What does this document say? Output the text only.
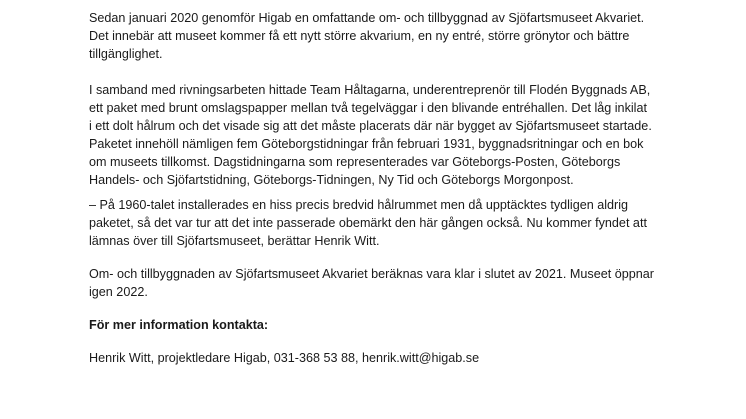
Sedan januari 2020 genomför Higab en omfattande om- och tillbyggnad av Sjöfartsmuseet Akvariet.
Det innebär att museet kommer få ett nytt större akvarium, en ny entré, större grönytor och bättre
tillgänglighet.
I samband med rivningsarbeten hittade Team Håltagarna, underentreprenör till Flodén Byggnads AB,
ett paket med brunt omslagspapper mellan två tegelväggar i den blivande entréhallen. Det låg inkilat
i ett dolt hålrum och det visade sig att det måste placerats där när bygget av Sjöfartsmuseet startade.
Paketet innehöll nämligen fem Göteborgstidningar från februari 1931, byggnadsritningar och en bok
om museets tillkomst. Dagstidningarna som representerades var Göteborgs-Posten, Göteborgs
Handels- och Sjöfartstidning, Göteborgs-Tidningen, Ny Tid och Göteborgs Morgonpost.
– På 1960-talet installerades en hiss precis bredvid hålrummet men då upptäcktes tydligen aldrig
paketet, så det var tur att det inte passerade obemärkt den här gången också. Nu kommer fyndet att
lämnas över till Sjöfartsmuseet, berättar Henrik Witt.
Om- och tillbyggnaden av Sjöfartsmuseet Akvariet beräknas vara klar i slutet av 2021. Museet öppnar
igen 2022.
För mer information kontakta:
Henrik Witt, projektledare Higab, 031-368 53 88, henrik.witt@higab.se
